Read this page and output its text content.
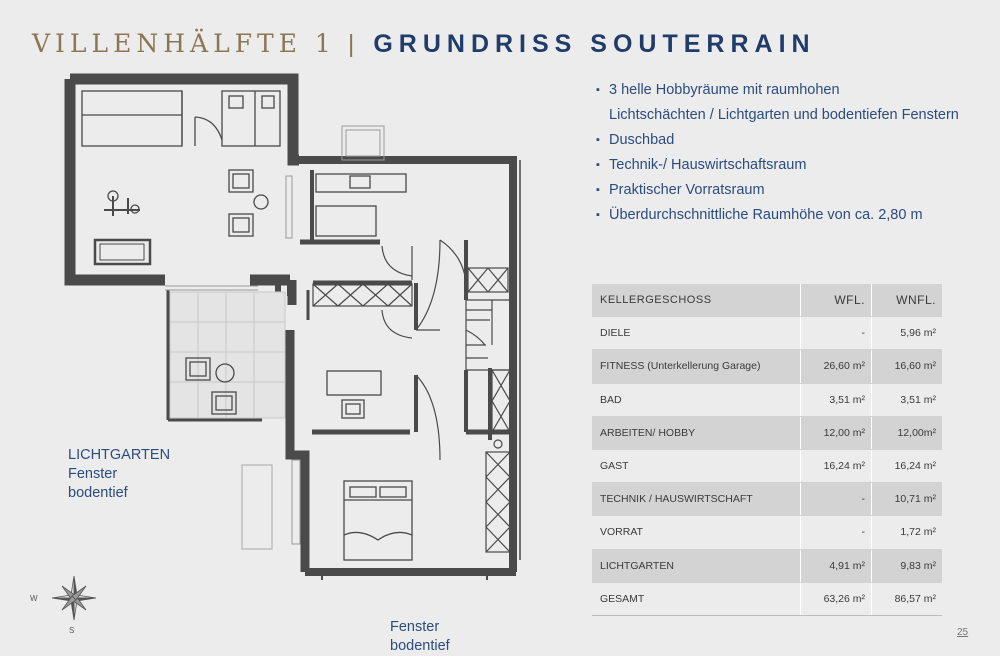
VILLENHÄLFTE 1 | GRUNDRISS SOUTERRAIN
W
S
▪ 3 helle Hobbyräume mit raumhohen
Lichtschächten / Lichtgarten und bodentiefen Fenstern
▪ Duschbad
▪ Technik-/ Hauswirtschaftsraum
▪ Praktischer Vorratsraum
▪ Überdurchschnittliche Raumhöhe von ca. 2,80 m
KELLERGESCHOSS	WFL.	WNFL.
DIELE	-	5,96 m²
FITNESS (Unterkellerung Garage)	26,60 m²	16,60 m²
BAD	3,51 m²	3,51 m²
ARBEITEN/ HOBBY	12,00 m²	12,00m²
GAST	16,24 m²	16,24 m²
TECHNIK / HAUSWIRTSCHAFT	-	10,71 m²
VORRAT	-	1,72 m²
LICHTGARTEN	4,91 m²	9,83 m²
GESAMT	63,26 m²	86,57 m²
LICHTGARTEN
Fenster
bodentief
Fenster
bodentief
25
